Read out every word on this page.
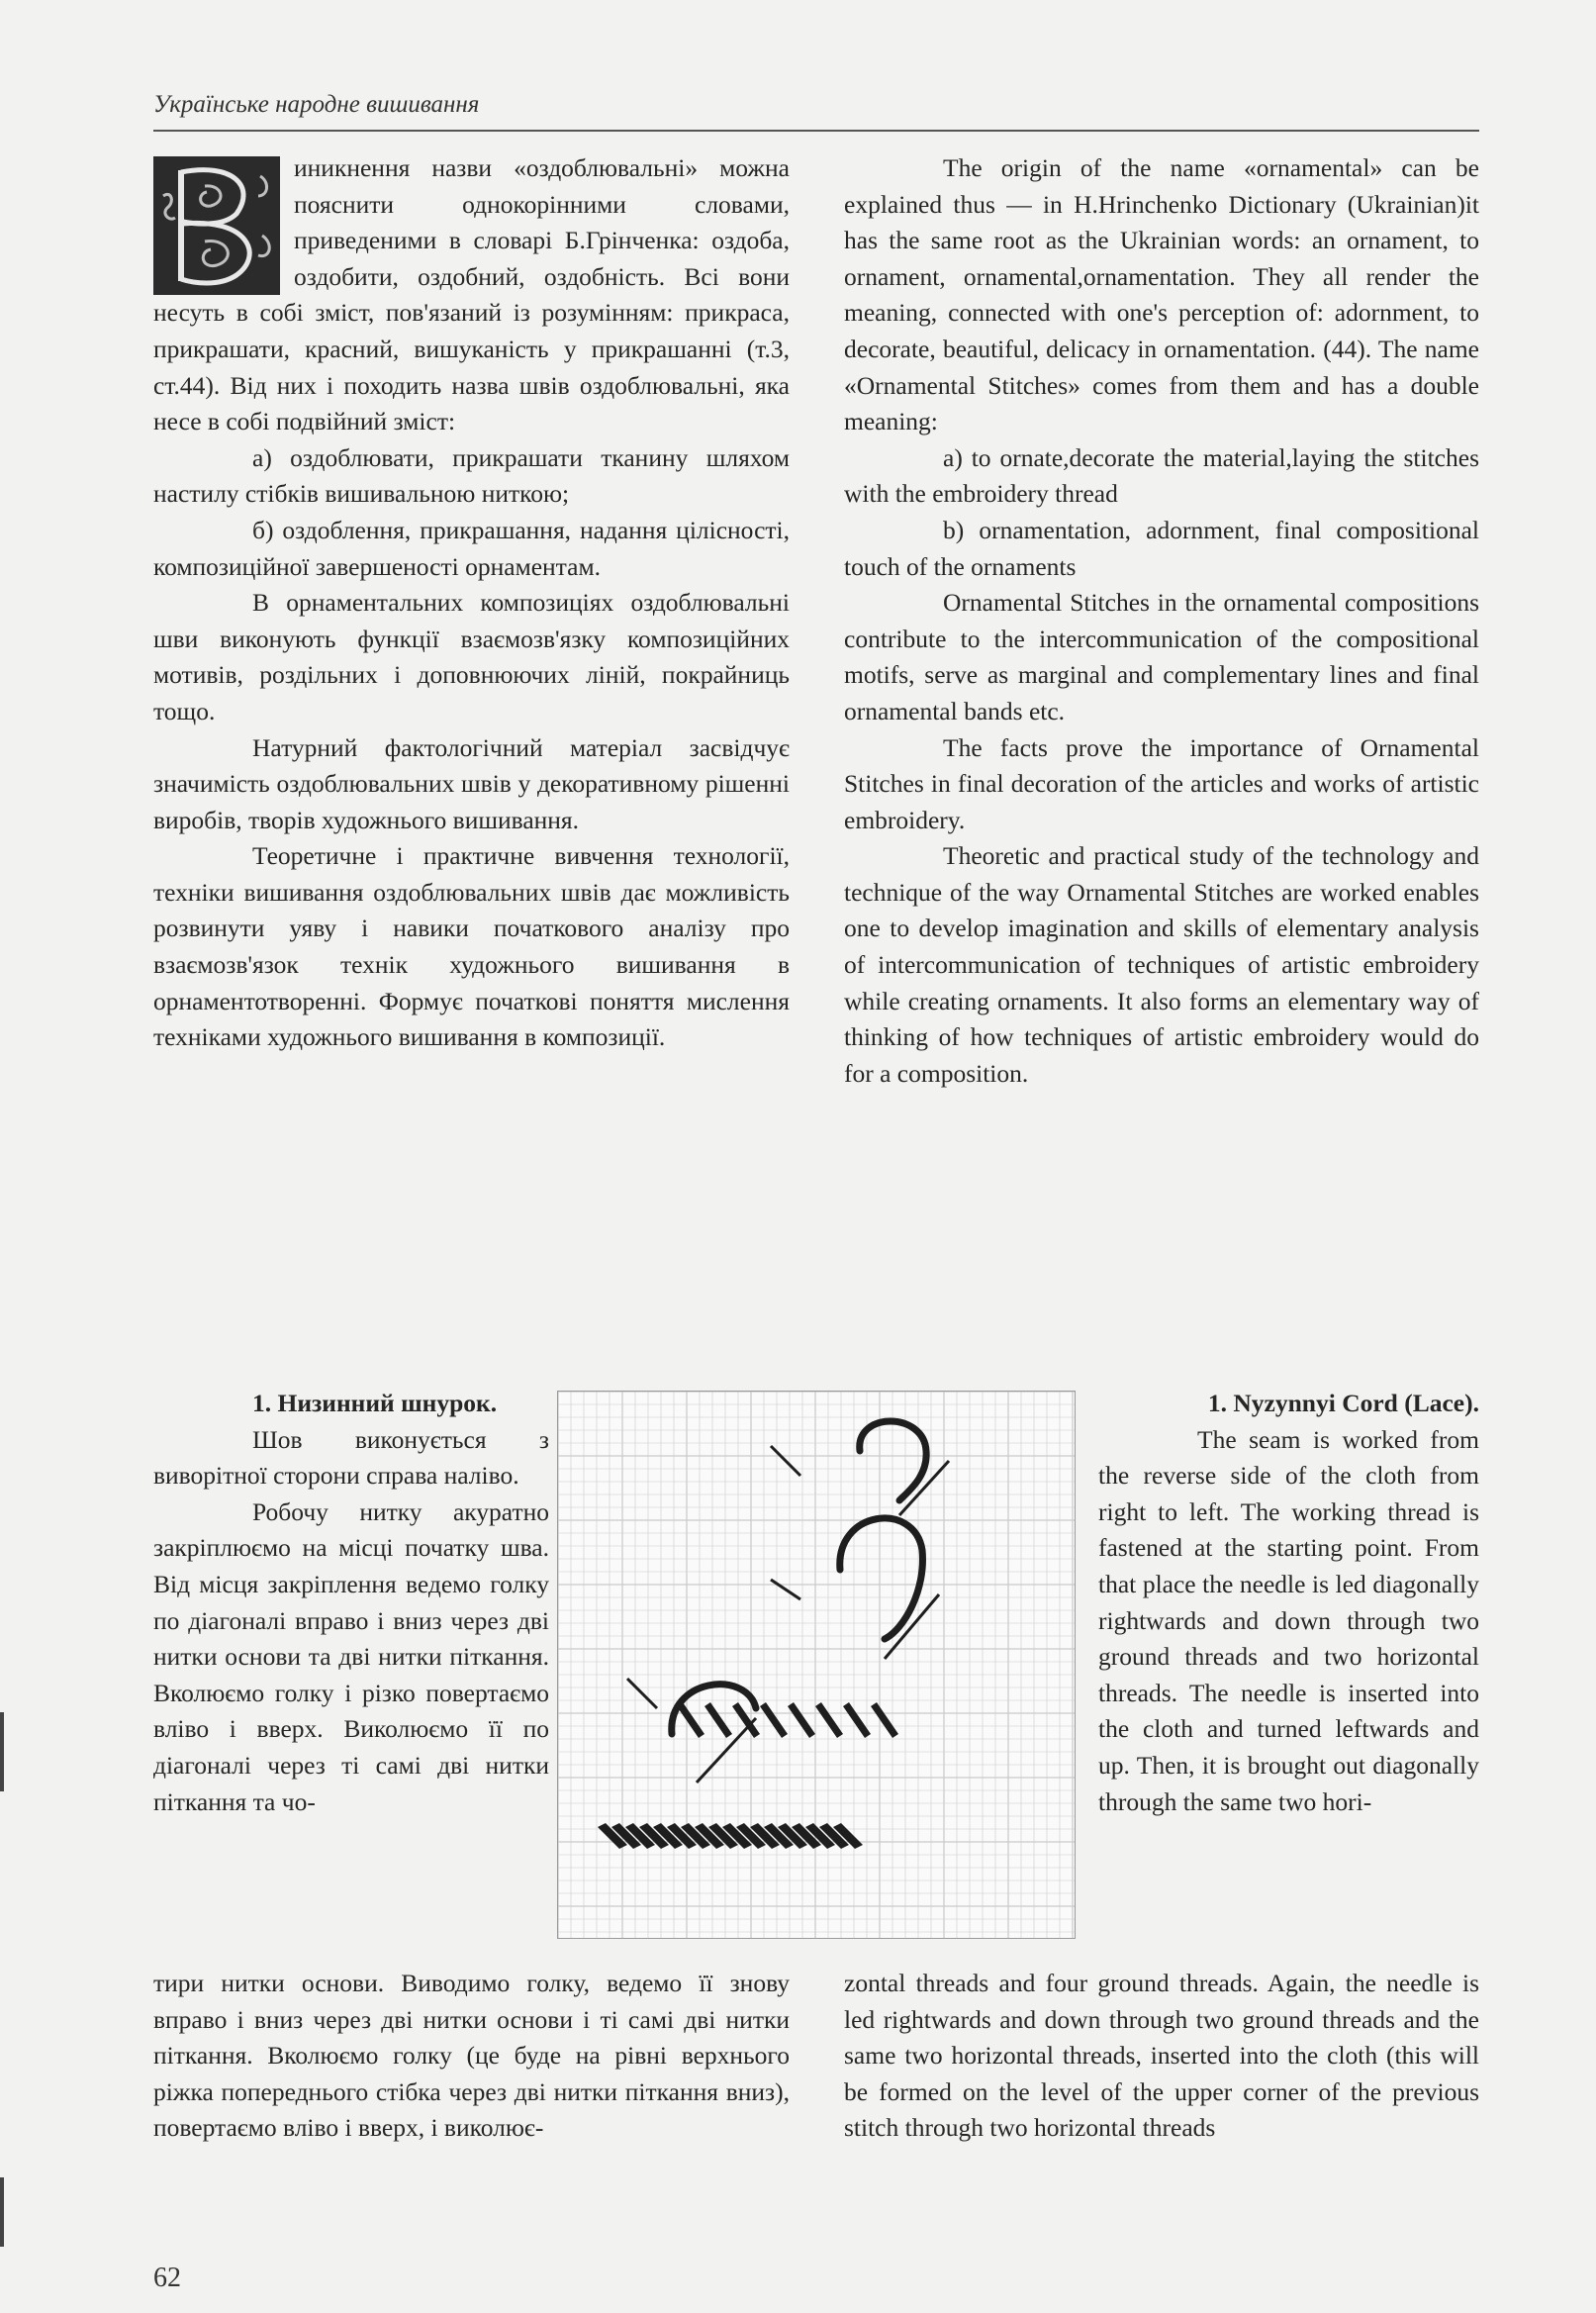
Українське народне вишивання

иникнення назви «оздоблювальні» можна пояснити однокорінними словами, приведеними в словарі Б.Грінченка: оздоба, оздобити, оздобний, оздобність. Всі вони несуть в собі зміст, пов'язаний із розумінням: прикраса, прикрашати, красний, вишуканість у прикрашанні (т.3, ст.44). Від них і походить назва швів оздоблювальні, яка несе в собі подвійний зміст:

а) оздоблювати, прикрашати тканину шляхом настилу стібків вишивальною ниткою;

б) оздоблення, прикрашання, надання цілісності, композиційної завершеності орнаментам.

В орнаментальних композиціях оздоблювальні шви виконують функції взаємозв'язку композиційних мотивів, роздільних і доповнюючих ліній, покрайниць тощо.

Натурний фактологічний матеріал засвідчує значимість оздоблювальних швів у декоративному рішенні виробів, творів художнього вишивання.

Теоретичне і практичне вивчення технології, техніки вишивання оздоблювальних швів дає можливість розвинути уяву і навики початкового аналізу про взаємозв'язок технік художнього вишивання в орнаментотворенні. Формує початкові поняття мислення техніками художнього вишивання в композиції.

The origin of the name «ornamental» can be explained thus — in H.Hrinchenko Dictionary (Ukrainian)it has the same root as the Ukrainian words: an ornament, to ornament, ornamental,ornamentation. They all render the meaning, connected with one's perception of: adornment, to decorate, beautiful, delicacy in ornamentation. (44). The name «Ornamental Stitches» comes from them and has a double meaning:

a) to ornate,decorate the material,laying the stitches with the embroidery thread

b) ornamentation, adornment, final compositional touch of the ornaments

Ornamental Stitches in the ornamental compositions contribute to the intercommunication of the compositional motifs, serve as marginal and complementary lines and final ornamental bands etc.

The facts prove the importance of Ornamental Stitches in final decoration of the articles and works of artistic embroidery.

Theoretic and practical study of the technology and technique of the way Ornamental Stitches are worked enables one to develop imagination and skills of elementary analysis of intercommunication of techniques of artistic embroidery while creating ornaments. It also forms an elementary way of thinking of how techniques of artistic embroidery would do for a composition.

1. Низинний шнурок.

Шов виконується з виворітної сторони справа наліво.

Робочу нитку акуратно закріплюємо на місці початку шва. Від місця закріплення ведемо голку по діагоналі вправо і вниз через дві нитки основи та дві нитки піткання. Вколюємо голку і різко повертаємо вліво і вверх. Виколюємо її по діагоналі через ті самі дві нитки піткання та чо-

тири нитки основи. Виводимо голку, ведемо її знову вправо і вниз через дві нитки основи і ті самі дві нитки піткання. Вколюємо голку (це буде на рівні верхнього ріжка попереднього стібка через дві нитки піткання вниз), повертаємо вліво і вверх, і виколює-

1. Nyzynnyi Cord (Lace).

The seam is worked from the reverse side of the cloth from right to left. The working thread is fastened at the starting point. From that place the needle is led diagonally rightwards and down through two ground threads and two horizontal threads. The needle is inserted into the cloth and turned leftwards and up. Then, it is brought out diagonally through the same two hori-

zontal threads and four ground threads. Again, the needle is led rightwards and down through two ground threads and the same two horizontal threads, inserted into the cloth (this will be formed on the level of the upper corner of the previous stitch through two horizontal threads

62
